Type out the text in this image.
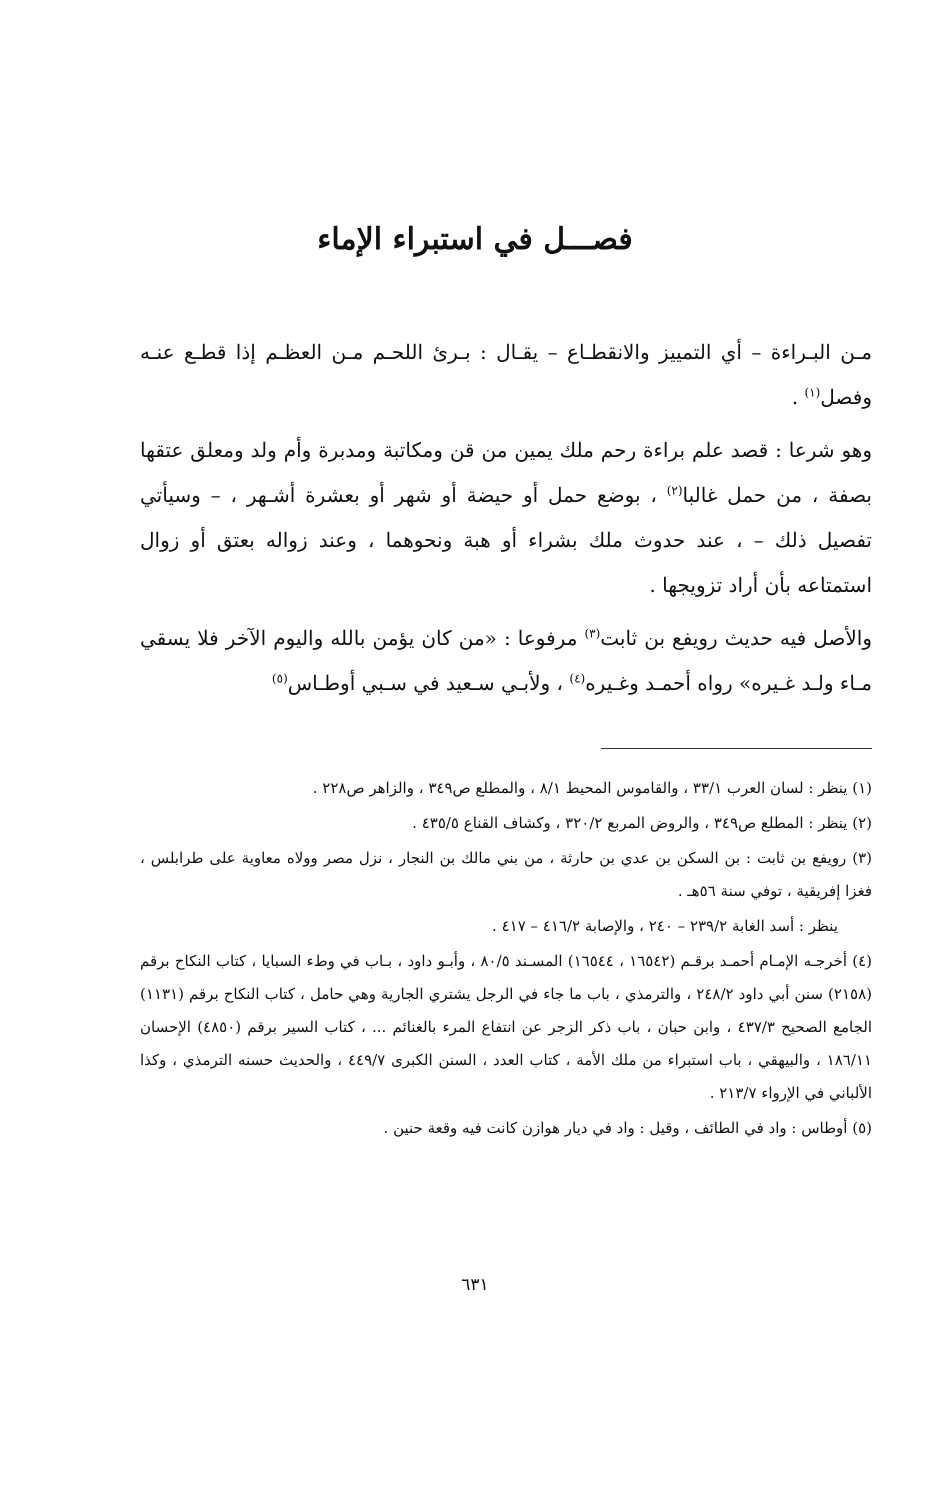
فصـــل في استبراء الإماء

مـن البـراءة – أي التمييز والانقطـاع – يقـال : بـرئ اللحـم مـن العظـم إذا قطـع عنـه وفصل$^{(١)}$ .

وهو شرعا : قصد علم براءة رحم ملك يمين من قن ومكاتبة ومدبرة وأم ولد ومعلق عتقها بصفة ، من حمل غالبا$^{(٢)}$ ، بوضع حمل أو حيضة أو شهر أو بعشرة أشـهر ، – وسيأتي تفصيل ذلك – ، عند حدوث ملك بشراء أو هبة ونحوهما ، وعند زواله بعتق أو زوال استمتاعه بأن أراد تزويجها .

والأصل فيه حديث رويفع بن ثابت$^{(٣)}$ مرفوعا : «من كان يؤمن بالله واليوم الآخر فلا يسقي مـاء ولـد غـيره» رواه أحمـد وغـيره$^{(٤)}$ ، ولأبـي سـعيد في سـبي أوطـاس$^{(٥)}$

(١) ينظر : لسان العرب ٣٣/١ ، والقاموس المحيط ٨/١ ، والمطلع ص٣٤٩ ، والزاهر ص٢٢٨ .

(٢) ينظر : المطلع ص٣٤٩ ، والروض المربع ٣٢٠/٢ ، وكشاف القناع ٤٣٥/٥ .

(٣) رويفع بن ثابت : بن السكن بن عدي بن حارثة ، من بني مالك بن النجار ، نزل مصر وولاه معاوية على طرابلس ، فغزا إفريقية ، توفي سنة ٥٦هـ .

ينظر : أسد الغابة ٢٣٩/٢ – ٢٤٠ ، والإصابة ٤١٦/٢ – ٤١٧ .

(٤) أخرجـه الإمـام أحمـد برقـم (١٦٥٤٢ ، ١٦٥٤٤) المسـند ٨٠/٥ ، وأبـو داود ، بـاب في وطء السبايا ، كتاب النكاح برقم (٢١٥٨) سنن أبي داود ٢٤٨/٢ ، والترمذي ، باب ما جاء في الرجل يشتري الجارية وهي حامل ، كتاب النكاح برقم (١١٣١) الجامع الصحيح ٤٣٧/٣ ، وابن حبان ، باب ذكر الزجر عن انتفاع المرء بالغنائم ... ، كتاب السير برقم (٤٨٥٠) الإحسان ١٨٦/١١ ، والبيهقي ، باب استبراء من ملك الأمة ، كتاب العدد ، السنن الكبرى ٤٤٩/٧ ، والحديث حسنه الترمذي ، وكذا الألباني في الإرواء ٢١٣/٧ .

(٥) أوطاس : واد في الطائف ، وقيل : واد في ديار هوازن كانت فيه وقعة حنين .

٦٣١
